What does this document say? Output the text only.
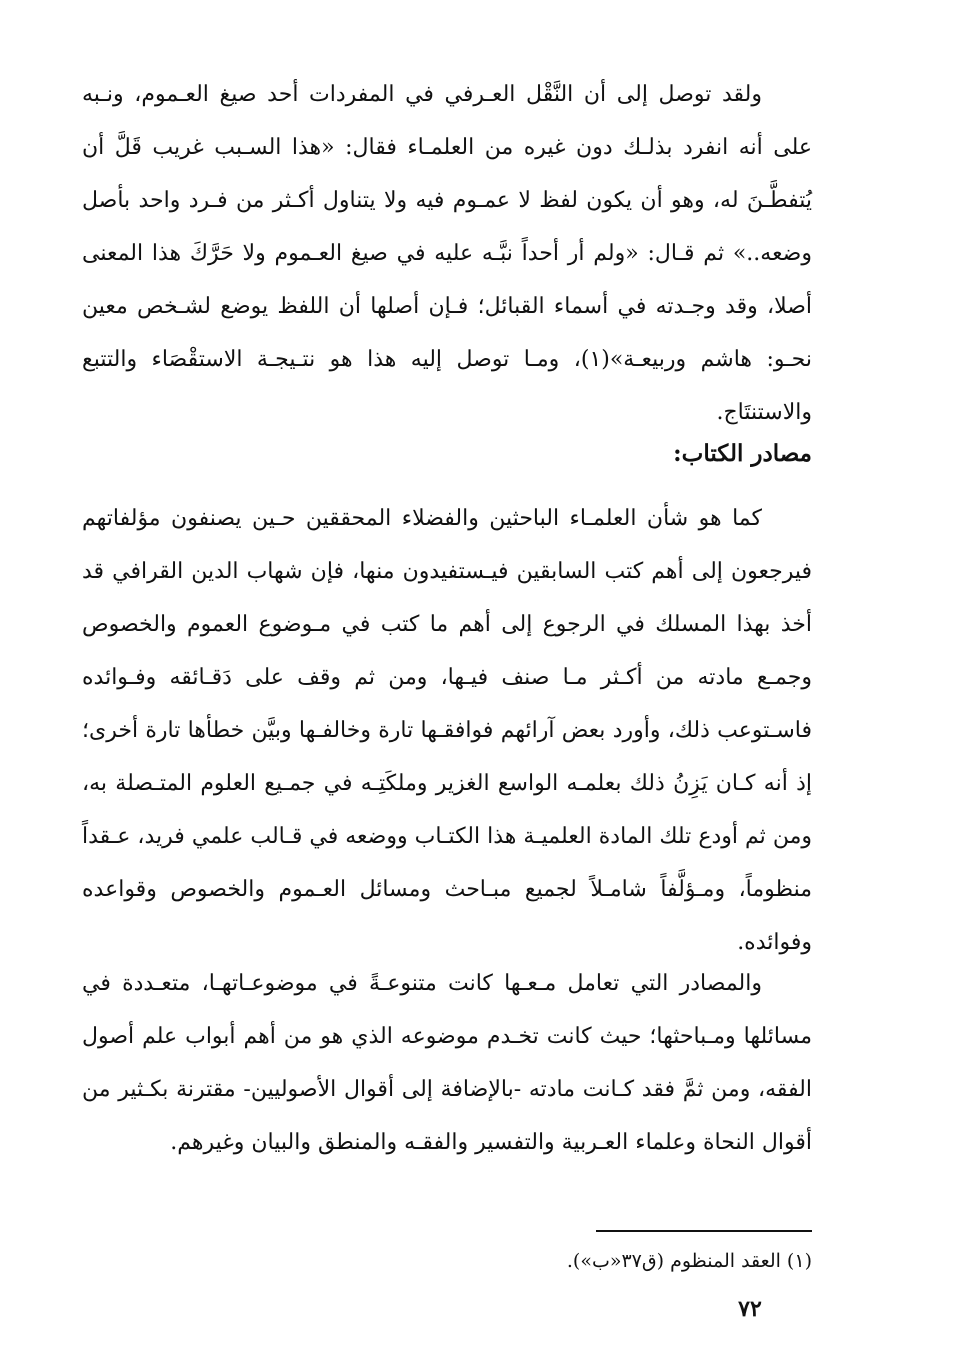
ولقد توصل إلى أن النَّقْل العـرفي في المفردات أحد صيغ العـموم، ونـبه على أنه انفرد بذلـك دون غيره من العلمـاء فقال: «هذا السـبب غريب قَلَّ أن يُتفطَّـنَ له، وهو أن يكون لفظ لا عمـوم فيه ولا يتناول أكـثر من فـرد واحد بأصل وضعه..» ثم قـال: «ولم أر أحداً نبَّـه عليه في صيغ العـموم ولا حَرَّكَ هذا المعنى أصلا، وقد وجـدته في أسماء القبائل؛ فـإن أصلها أن اللفظ يوضع لشـخص معين نحـو: هاشم وربيعـة»(١)، ومـا توصل إليه هذا هو نتـيجـة الاستقْصَاء والتتبع والاستنتَاج.

مصادر الكتاب:

كما هو شأن العلمـاء الباحثين والفضلاء المحققين حـين يصنفون مؤلفاتهم فيرجعون إلى أهم كتب السابقين فيـستفيدون منها، فإن شهاب الدين القرافي قد أخذ بهذا المسلك في الرجوع إلى أهم ما كتب في مـوضوع العموم والخصوص وجمـع مادته من أكـثر مـا صنف فيـها، ومن ثم وقف على دَقـائقه وفـوائده فاسـتوعب ذلك، وأورد بعض آرائهم فوافقـها تارة وخالفـها وبيَّن خطأها تارة أخرى؛ إذ أنه كـان يَزِنُ ذلك بعلمـه الواسع الغزير وملكَتِـه في جمـيع العلوم المتـصلة به، ومن ثم أودع تلك المادة العلميـة هذا الكتـاب ووضعه في قـالب علمي فريد، عـقداً منظوماً، ومـؤلَّفاً شامـلاً لجميع مبـاحث ومسائل العـموم والخصوص وقواعده وفوائده.

والمصادر التي تعامل مـعـها كانت متنوعـةً في موضوعـاتهـا، متعـددة في مسائلها ومـباحثها؛ حيث كانت تخـدم موضوعه الذي هو من أهم أبواب علم أصول الفقه، ومن ثمَّ فقد كـانت مادته -بالإضافة إلى أقوال الأصوليين- مقترنة بكـثير من أقوال النحاة وعلماء العـربية والتفسير والفقـه والمنطق والبيان وغيرهم.

(١) العقد المنظوم (ق٣٧«ب»).
٧٢
